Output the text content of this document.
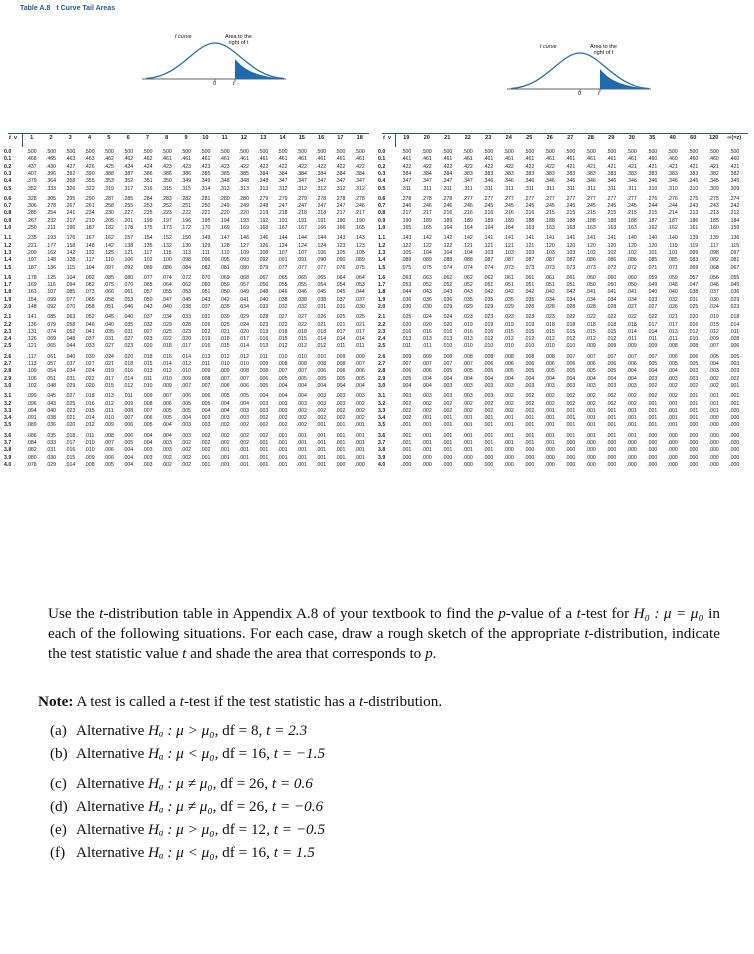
Table A.8 t Curve Tail Areas
t curve	Area to the
right of t
0	t
t curve	Area to the
right of t
0	t
t ν	1	2	3	4	5	6	7	8	9	10	11	12	13	14	15	16	17	18
0.0	.500	.500	.500	.500	.500	.500	.500	.500	.500	.500	.500	.500	.500	.500	.500	.500	.500	.500
0.1	.468	.465	.463	.463	.462	.462	.462	.461	.461	.461	.461	.461	.461	.461	.461	.461	.461	.461
0.2	.437	.430	.427	.426	.425	.424	.424	.423	.423	.423	.423	.422	.422	.422	.422	.422	.422	.422
0.3	.407	.396	.392	.390	.388	.387	.386	.386	.386	.385	.385	.385	.384	.384	.384	.384	.384	.384
0.4	.379	.364	.358	.355	.353	.352	.351	.350	.349	.349	.348	.348	.348	.347	.347	.347	.347	.347
0.5	.352	.333	.326	.322	.319	.317	.316	.315	.315	.314	.313	.313	.313	.312	.312	.312	.312	.312
0.6	.328	.305	.295	.290	.287	.285	.284	.283	.282	.281	.280	.280	.279	.279	.279	.278	.278	.278
0.7	.306	.278	.267	.261	.258	.255	.253	.252	.251	.250	.249	.249	.248	.247	.247	.247	.247	.246
0.8	.285	.254	.241	.234	.230	.227	.225	.223	.222	.221	.220	.220	.219	.218	.218	.218	.217	.217
0.9	.267	.232	.217	.210	.205	.201	.199	.197	.196	.195	.194	.193	.192	.191	.191	.191	.190	.190
1.0	.250	.211	.196	.187	.182	.178	.175	.173	.172	.170	.169	.169	.168	.167	.167	.166	.166	.165
1.1	.235	.193	.176	.167	.162	.157	.154	.152	.150	.149	.147	.146	.146	.144	.144	.144	.143	.143
1.2	.221	.177	.158	.148	.142	.138	.135	.132	.130	.129	.128	.127	.126	.124	.124	.124	.123	.123
1.3	.209	.162	.142	.132	.125	.121	.117	.115	.113	.111	.110	.109	.108	.107	.107	.106	.105	.105
1.4	.197	.148	.128	.117	.110	.106	.102	.100	.098	.096	.095	.093	.092	.091	.091	.090	.090	.089
1.5	.187	.136	.115	.104	.097	.092	.089	.086	.084	.082	.081	.080	.079	.077	.077	.077	.076	.075
1.6	.178	.125	.104	.092	.085	.080	.077	.074	.072	.070	.069	.068	.067	.065	.065	.065	.064	.064
1.7	.169	.116	.094	.082	.075	.070	.065	.064	.062	.060	.059	.057	.056	.055	.055	.054	.054	.053
1.8	.161	.107	.085	.073	.066	.061	.057	.055	.053	.051	.050	.049	.048	.046	.046	.045	.045	.044
1.9	.154	.099	.077	.065	.058	.053	.050	.047	.045	.043	.042	.041	.040	.038	.038	.038	.037	.037
2.0	.148	.092	.070	.058	.051	.046	.043	.040	.038	.037	.035	.034	.033	.032	.032	.031	.031	.030
2.1	.141	.085	.063	.052	.045	.040	.037	.034	.033	.031	.030	.029	.028	.027	.027	.026	.025	.025
2.2	.136	.079	.058	.046	.040	.035	.032	.029	.028	.026	.025	.024	.023	.022	.022	.021	.021	.021
2.3	.131	.074	.052	.041	.035	.031	.027	.025	.023	.022	.021	.020	.019	.018	.018	.018	.017	.017
2.4	.126	.069	.048	.037	.031	.027	.023	.022	.020	.019	.018	.017	.016	.015	.015	.014	.014	.014
2.5	.121	.065	.044	.033	.027	.023	.020	.018	.017	.016	.015	.014	.013	.012	.012	.012	.011	.011
2.6	.117	.061	.040	.030	.024	.020	.018	.016	.014	.013	.012	.012	.011	.010	.010	.010	.009	.009
2.7	.113	.057	.037	.027	.021	.018	.015	.014	.012	.011	.010	.010	.009	.008	.008	.008	.008	.007
2.8	.109	.054	.034	.024	.019	.016	.013	.012	.010	.009	.009	.008	.008	.007	.007	.006	.006	.006
2.9	.106	.051	.031	.022	.017	.014	.011	.010	.009	.008	.007	.007	.006	.005	.005	.005	.005	.005
3.0	.102	.048	.029	.020	.015	.012	.010	.009	.007	.007	.006	.006	.005	.004	.004	.004	.004	.004
3.1	.099	.045	.027	.018	.013	.011	.009	.007	.006	.006	.005	.005	.004	.004	.004	.003	.003	.003
3.2	.096	.043	.025	.016	.012	.009	.008	.006	.005	.005	.004	.004	.003	.003	.003	.003	.003	.002
3.3	.094	.040	.023	.015	.011	.008	.007	.005	.005	.004	.004	.003	.003	.003	.002	.002	.002	.002
3.4	.091	.038	.021	.014	.010	.007	.006	.005	.004	.003	.003	.003	.002	.002	.002	.002	.002	.002
3.5	.089	.036	.020	.012	.009	.006	.005	.004	.003	.003	.002	.002	.002	.002	.002	.001	.001	.001
3.6	.086	.035	.018	.011	.008	.006	.004	.004	.003	.002	.002	.002	.002	.001	.001	.001	.001	.001
3.7	.084	.033	.017	.010	.007	.005	.004	.003	.002	.002	.002	.002	.001	.001	.001	.001	.001	.001
3.8	.082	.031	.016	.010	.006	.004	.003	.003	.002	.002	.001	.001	.001	.001	.001	.001	.001	.001
3.9	.080	.030	.015	.009	.006	.004	.003	.002	.002	.001	.001	.001	.001	.001	.001	.001	.001	.001
4.0	.078	.029	.014	.008	.005	.004	.003	.002	.002	.001	.001	.001	.001	.001	.001	.001	.000	.000
t ν	19	20	21	22	23	24	25	26	27	28	29	30	35	40	60	120	∞(=z)
0.0	.500	.500	.500	.500	.500	.500	.500	.500	.500	.500	.500	.500	.500	.500	.500	.500	.500
0.1	.461	.461	.461	.461	.461	.461	.461	.461	.461	.461	.461	.461	.460	.460	.460	.460	.460
0.2	.422	.422	.422	.422	.422	.422	.422	.422	.421	.421	.421	.421	.421	.421	.421	.421	.421
0.3	.384	.384	.384	.383	.383	.383	.383	.383	.383	.383	.383	.383	.383	.383	.383	.382	.382
0.4	.347	.347	.347	.347	.346	.346	.346	.346	.346	.346	.346	.346	.346	.346	.345	.345	.345
0.5	.311	.311	.311	.311	.311	.311	.311	.311	.311	.311	.311	.311	.310	.310	.310	.309	.309
0.6	.278	.278	.278	.277	.277	.277	.277	.277	.277	.277	.277	.277	.276	.276	.275	.275	.274
0.7	.246	.246	.246	.246	.245	.245	.245	.245	.245	.245	.245	.245	.244	.244	.243	.243	.242
0.8	.217	.217	.216	.216	.216	.216	.216	.215	.215	.215	.215	.215	.215	.214	.213	.213	.212
0.9	.190	.189	.189	.189	.189	.189	.188	.188	.188	.188	.188	.188	.187	.187	.186	.185	.184
1.0	.165	.165	.164	.164	.164	.164	.163	.163	.163	.163	.163	.163	.162	.162	.161	.160	.159
1.1	.143	.142	.142	.142	.141	.141	.141	.141	.141	.141	.141	.140	.140	.140	.139	.139	.136
1.2	.122	.122	.122	.121	.121	.121	.121	.120	.120	.120	.120	.120	.120	.119	.119	.117	.115
1.3	.105	.104	.104	.104	.103	.103	.103	.103	.103	.102	.102	.102	.101	.101	.099	.098	.097
1.4	.089	.089	.088	.088	.087	.087	.087	.087	.087	.086	.086	.086	.085	.085	.083	.082	.081
1.5	.075	.075	.074	.074	.074	.073	.073	.073	.073	.073	.072	.072	.071	.071	.069	.068	.067
1.6	.063	.063	.062	.062	.062	.061	.061	.061	.061	.060	.060	.060	.059	.059	.057	.056	.055
1.7	.053	.052	.052	.052	.051	.051	.051	.051	.051	.050	.050	.050	.049	.048	.047	.046	.045
1.8	.044	.043	.043	.043	.042	.042	.042	.042	.042	.041	.041	.041	.040	.040	.038	.037	.036
1.9	.036	.036	.036	.035	.035	.035	.035	.034	.034	.034	.034	.034	.033	.032	.031	.030	.029
2.0	.030	.030	.029	.029	.029	.029	.028	.028	.028	.028	.028	.027	.027	.026	.025	.024	.023
2.1	.025	.024	.024	.023	.023	.023	.023	.023	.022	.022	.022	.022	.022	.021	.020	.019	.018
2.2	.020	.020	.020	.019	.019	.019	.019	.018	.018	.018	.018	.018	.017	.017	.016	.015	.014
2.3	.016	.016	.016	.016	.016	.015	.015	.015	.015	.015	.015	.014	.014	.013	.012	.012	.011
2.4	.013	.013	.013	.013	.012	.012	.012	.012	.012	.012	.012	.011	.011	.011	.010	.009	.008
2.5	.011	.011	.010	.010	.010	.010	.010	.010	.010	.009	.009	.009	.009	.008	.008	.007	.006
2.6	.009	.009	.008	.008	.008	.008	.008	.008	.007	.007	.007	.007	.007	.006	.006	.005	.005
2.7	.007	.007	.007	.007	.006	.006	.006	.006	.006	.006	.006	.006	.005	.005	.005	.004	.003
2.8	.006	.006	.005	.005	.005	.005	.005	.005	.005	.005	.005	.004	.004	.004	.003	.003	.003
2.9	.005	.004	.004	.004	.004	.004	.004	.004	.004	.004	.004	.004	.003	.003	.003	.002	.002
3.0	.004	.004	.003	.003	.003	.003	.003	.003	.003	.003	.003	.003	.002	.002	.002	.002	.001
3.1	.003	.003	.003	.003	.003	.002	.002	.002	.002	.002	.002	.002	.002	.002	.001	.001	.001
3.2	.002	.002	.002	.002	.002	.002	.002	.002	.002	.002	.002	.002	.001	.001	.001	.001	.001
3.3	.002	.002	.002	.002	.002	.002	.002	.001	.001	.001	.001	.001	.001	.001	.001	.001	.000
3.4	.002	.001	.001	.001	.001	.001	.001	.001	.001	.001	.001	.001	.001	.001	.001	.000	.000
3.5	.001	.001	.001	.001	.001	.001	.001	.001	.001	.001	.001	.001	.001	.001	.000	.000	.000
3.6	.001	.001	.001	.001	.001	.001	.001	.001	.001	.001	.001	.001	.000	.000	.000	.000	.000
3.7	.001	.001	.001	.001	.001	.001	.001	.001	.000	.000	.000	.000	.000	.000	.000	.000	.000
3.8	.001	.001	.001	.001	.001	.000	.000	.000	.000	.000	.000	.000	.000	.000	.000	.000	.000
3.9	.000	.000	.000	.000	.000	.000	.000	.000	.000	.000	.000	.000	.000	.000	.000	.000	.000
4.0	.000	.000	.000	.000	.000	.000	.000	.000	.000	.000	.000	.000	.000	.000	.000	.000	.000
Use the t-distribution table in Appendix A.8 of your textbook to find the p-value of a t-test for H₀ : μ = μ₀ in each of the following situations. For each case, draw a rough sketch of the appropriate t-distribution, indicate the test statistic value t and shade the area that corresponds to p.
Note: A test is called a t-test if the test statistic has a t-distribution.
(a) Alternative Hₐ : μ > μ₀, df = 8, t = 2.3
(b) Alternative Hₐ : μ < μ₀, df = 16, t = −1.5
(c) Alternative Hₐ : μ ≠ μ₀, df = 26, t = 0.6
(d) Alternative Hₐ : μ ≠ μ₀, df = 26, t = −0.6
(e) Alternative Hₐ : μ > μ₀, df = 12, t = −0.5
(f) Alternative Hₐ : μ < μ₀, df = 16, t = 1.5
